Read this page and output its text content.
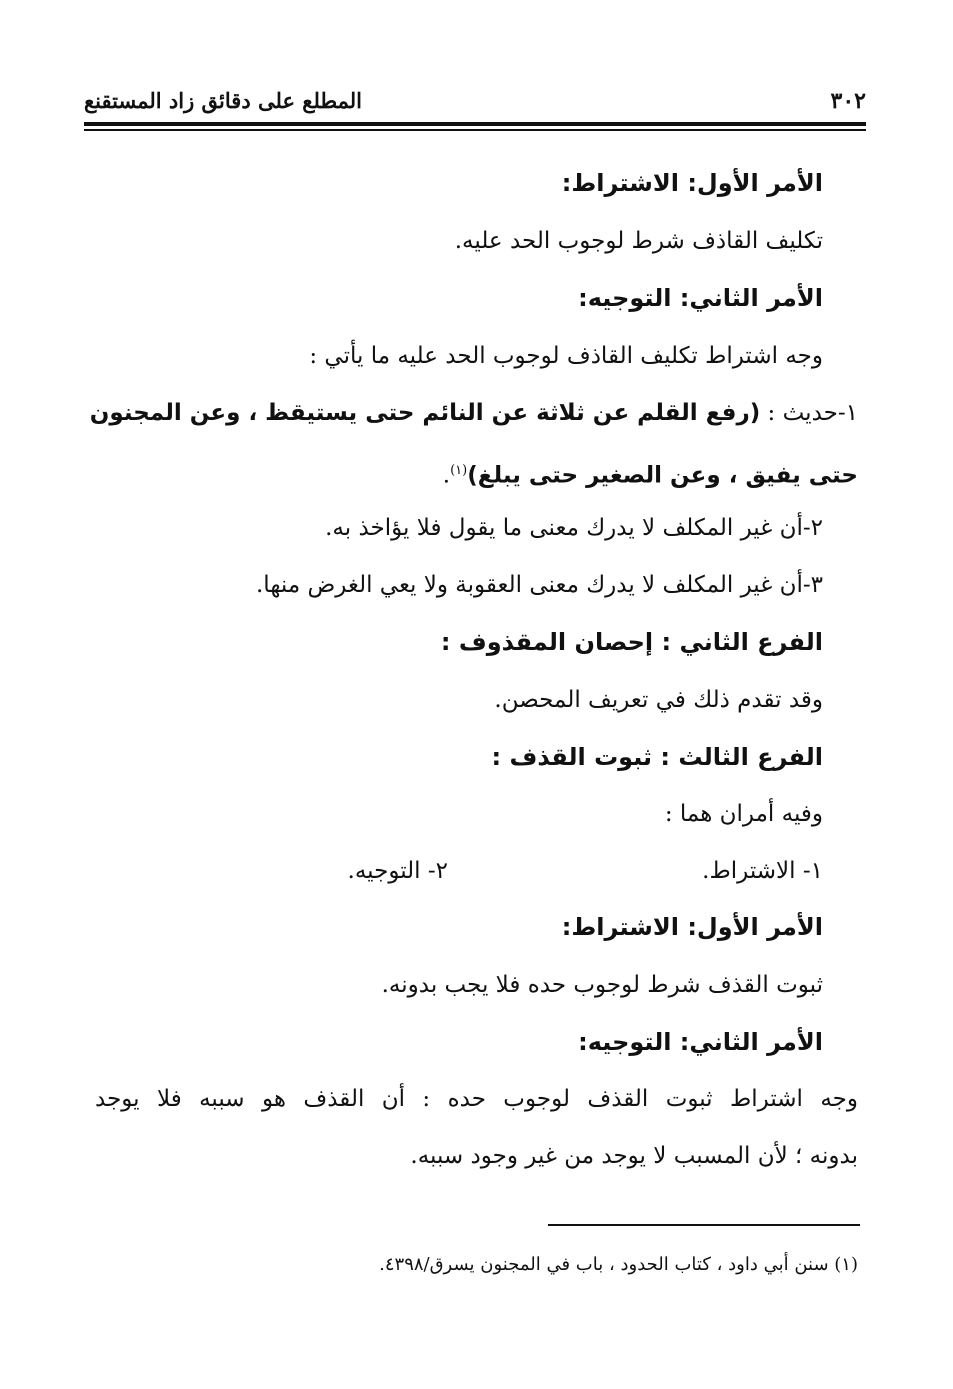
٣٠٢
المطلع على دقائق زاد المستقنع
الأمر الأول: الاشتراط:
تكليف القاذف شرط لوجوب الحد عليه.
الأمر الثاني: التوجيه:
وجه اشتراط تكليف القاذف لوجوب الحد عليه ما يأتي :
١-حديث : (رفع القلم عن ثلاثة عن النائم حتى يستيقظ ، وعن المجنون
حتى يفيق ، وعن الصغير حتى يبلغ)$^{(١)}$.
٢-أن غير المكلف لا يدرك معنى ما يقول فلا يؤاخذ به.
٣-أن غير المكلف لا يدرك معنى العقوبة ولا يعي الغرض منها.
الفرع الثاني : إحصان المقذوف :
وقد تقدم ذلك في تعريف المحصن.
الفرع الثالث : ثبوت القذف :
وفيه أمران هما :
١- الاشتراط.
٢- التوجيه.
الأمر الأول: الاشتراط:
ثبوت القذف شرط لوجوب حده فلا يجب بدونه.
الأمر الثاني: التوجيه:
وجه اشتراط ثبوت القذف لوجوب حده : أن القذف هو سببه فلا يوجد
بدونه ؛ لأن المسبب لا يوجد من غير وجود سببه.
(١) سنن أبي داود ، كتاب الحدود ، باب في المجنون يسرق/٤٣٩٨.
